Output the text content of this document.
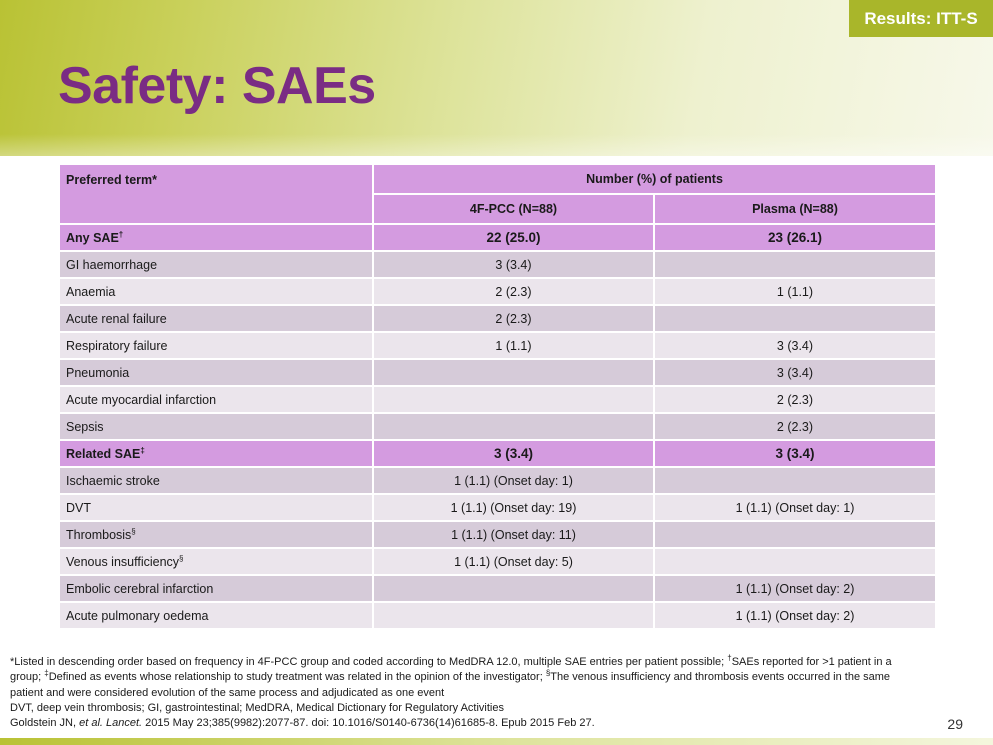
Results: ITT-S
Safety: SAEs
Preferred term*	Number (%) of patients	
	4F-PCC (N=88)	Plasma (N=88)
Any SAE†	22 (25.0)	23 (26.1)
GI haemorrhage	3 (3.4)	
Anaemia	2 (2.3)	1 (1.1)
Acute renal failure	2 (2.3)	
Respiratory failure	1 (1.1)	3 (3.4)
Pneumonia		3 (3.4)
Acute myocardial infarction		2 (2.3)
Sepsis		2 (2.3)
Related SAE‡	3 (3.4)	3 (3.4)
Ischaemic stroke	1 (1.1) (Onset day: 1)	
DVT	1 (1.1) (Onset day: 19)	1 (1.1) (Onset day: 1)
Thrombosis§	1 (1.1) (Onset day: 11)	
Venous insufficiency§	1 (1.1) (Onset day: 5)	
Embolic cerebral infarction		1 (1.1) (Onset day: 2)
Acute pulmonary oedema		1 (1.1) (Onset day: 2)
*Listed in descending order based on frequency in 4F-PCC group and coded according to MedDRA 12.0, multiple SAE entries per patient possible; †SAEs reported for >1 patient in a group; ‡Defined as events whose relationship to study treatment was related in the opinion of the investigator; §The venous insufficiency and thrombosis events occurred in the same patient and were considered evolution of the same process and adjudicated as one event
DVT, deep vein thrombosis; GI, gastrointestinal; MedDRA, Medical Dictionary for Regulatory Activities
Goldstein JN, et al. Lancet. 2015 May 23;385(9982):2077-87. doi: 10.1016/S0140-6736(14)61685-8. Epub 2015 Feb 27.	29
